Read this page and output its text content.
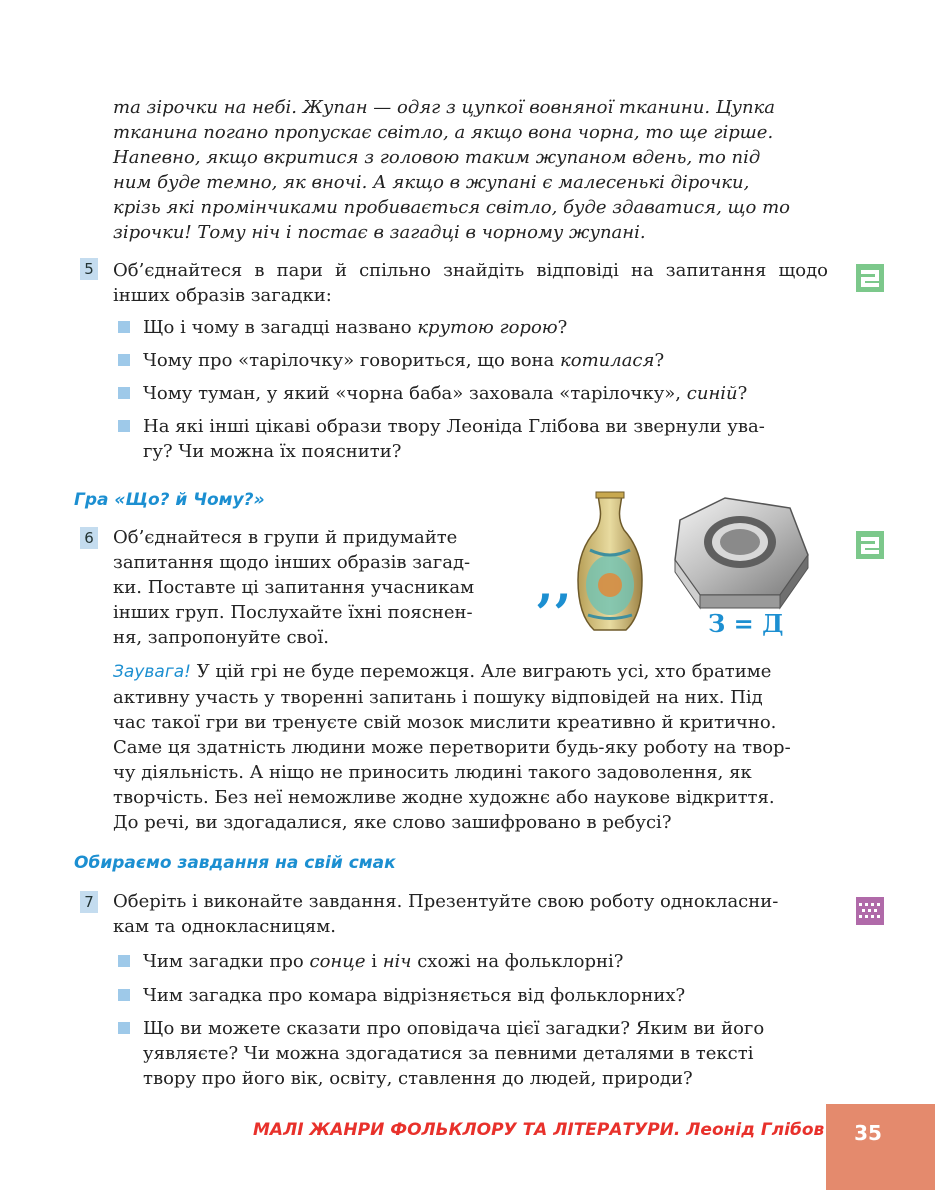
та зірочки на небі. Жупан — одяг з цупкої вовняної тканини. Цупка
тканина погано пропускає світло, а якщо вона чорна, то ще гірше.
Напевно, якщо вкритися з головою таким жупаном вдень, то під
ним буде темно, як вночі. А якщо в жупані є малесенькі дірочки,
крізь які промінчиками пробивається світло, буде здаватися, що то
зірочки! Тому ніч і постає в загадці в чорному жупані.
5 Об’єднайтеся в пари й спільно знайдіть відповіді на запитання щодо інших образів загадки:
Що і чому в загадці названо крутою горою?
Чому про «тарілочку» говориться, що вона котилася?
Чому туман, у який «чорна баба» заховала «тарілочку», синій?
На які інші цікаві образи твору Леоніда Глібова ви звернули ува-
гу? Чи можна їх пояснити?
Гра «Що? й Чому?»
6 Об’єднайтеся в групи й придумайте
запитання щодо інших образів загад-
ки. Поставте ці запитання учасникам
інших груп. Послухайте їхні пояснен-
ня, запропонуйте свої.	’’	З = Д
Заувага! У цій грі не буде переможця. Але виграють усі, хто братиме
активну участь у творенні запитань і пошуку відповідей на них. Під
час такої гри ви тренуєте свій мозок мислити креативно й критично.
Саме ця здатність людини може перетворити будь-яку роботу на твор-
чу діяльність. А ніщо не приносить людині такого задоволення, як
творчість. Без неї неможливе жодне художнє або наукове відкриття.
До речі, ви здогадалися, яке слово зашифровано в ребусі?
Обираємо завдання на свій смак
7 Оберіть і виконайте завдання. Презентуйте свою роботу однокласни-
кам та однокласницям.
Чим загадки про сонце і ніч схожі на фольклорні?
Чим загадка про комара відрізняється від фольклорних?
Що ви можете сказати про оповідача цієї загадки? Яким ви його
уявляєте? Чи можна здогадатися за певними деталями в тексті
твору про його вік, освіту, ставлення до людей, природи?
МАЛІ ЖАНРИ ФОЛЬКЛОРУ ТА ЛІТЕРАТУРИ. Леонід Глібов	35
